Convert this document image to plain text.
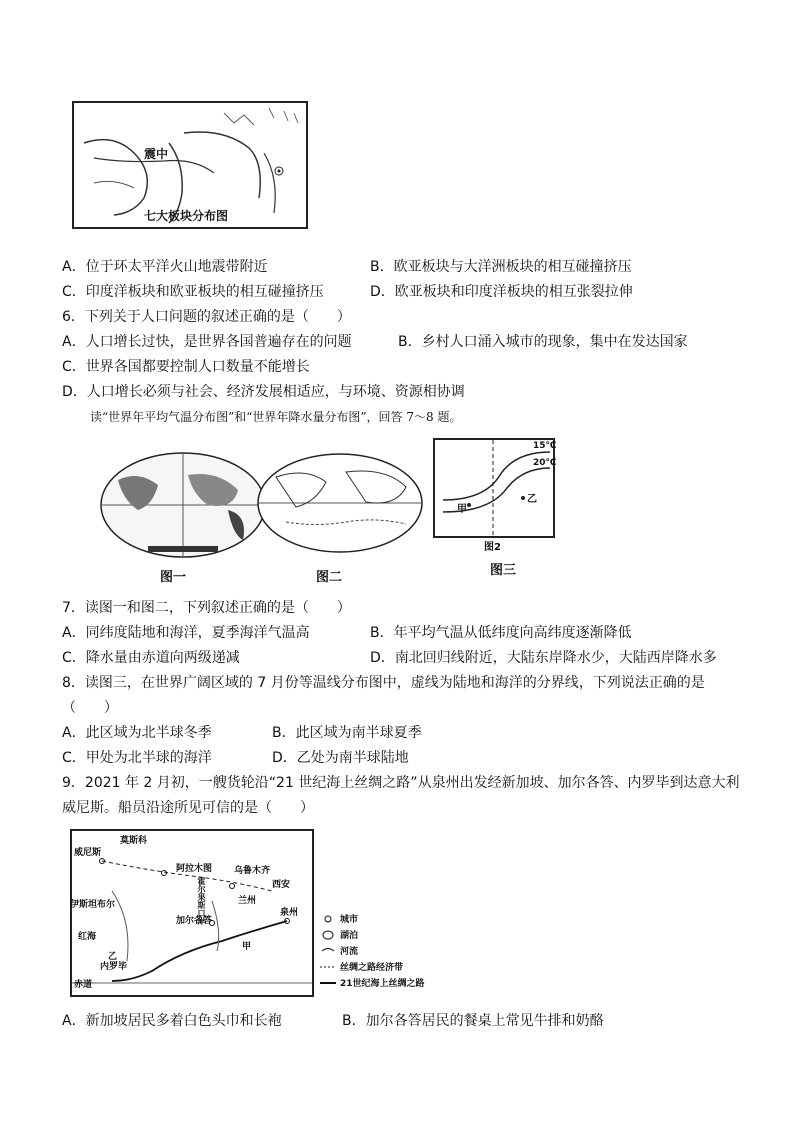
震中
七大板块分布图
A．位于环太平洋火山地震带附近	B．欧亚板块与大洋洲板块的相互碰撞挤压
C．印度洋板块和欧亚板块的相互碰撞挤压	D．欧亚板块和印度洋板块的相互张裂拉伸
6．下列关于人口问题的叙述正确的是（　　）
A．人口增长过快，是世界各国普遍存在的问题	B．乡村人口涌入城市的现象，集中在发达国家
C．世界各国都要控制人口数量不能增长
D．人口增长必须与社会、经济发展相适应，与环境、资源相协调
读“世界年平均气温分布图”和“世界年降水量分布图”，回答 7～8 题。
15℃
20℃
甲
乙
图2
图一	图二	图三
7．读图一和图二，下列叙述正确的是（　　）
A．同纬度陆地和海洋，夏季海洋气温高	B．年平均气温从低纬度向高纬度逐渐降低
C．降水量由赤道向两级递减	D．南北回归线附近，大陆东岸降水少，大陆西岸降水多
8．读图三，在世界广阔区域的 7 月份等温线分布图中，虚线为陆地和海洋的分界线，下列说法正确的是
（　　）
A．此区域为北半球冬季	B．此区域为南半球夏季
C．甲处为北半球的海洋	D．乙处为南半球陆地
9．2021 年 2 月初，一艘货轮沿“21 世纪海上丝绸之路”从泉州出发经新加坡、加尔各答、内罗毕到达意大利
威尼斯。船员沿途所见可信的是（　　）
莫斯科
威尼斯
伊斯坦布尔
阿拉木图 乌鲁木齐
霍尔果斯口岸	兰州
西安
泉州
加尔各答
红海
内罗毕
赤道
甲
乙
城市
湖泊
河流
丝绸之路经济带
21世纪海上丝绸之路
A．新加坡居民多着白色头巾和长袍	B．加尔各答居民的餐桌上常见牛排和奶酪
